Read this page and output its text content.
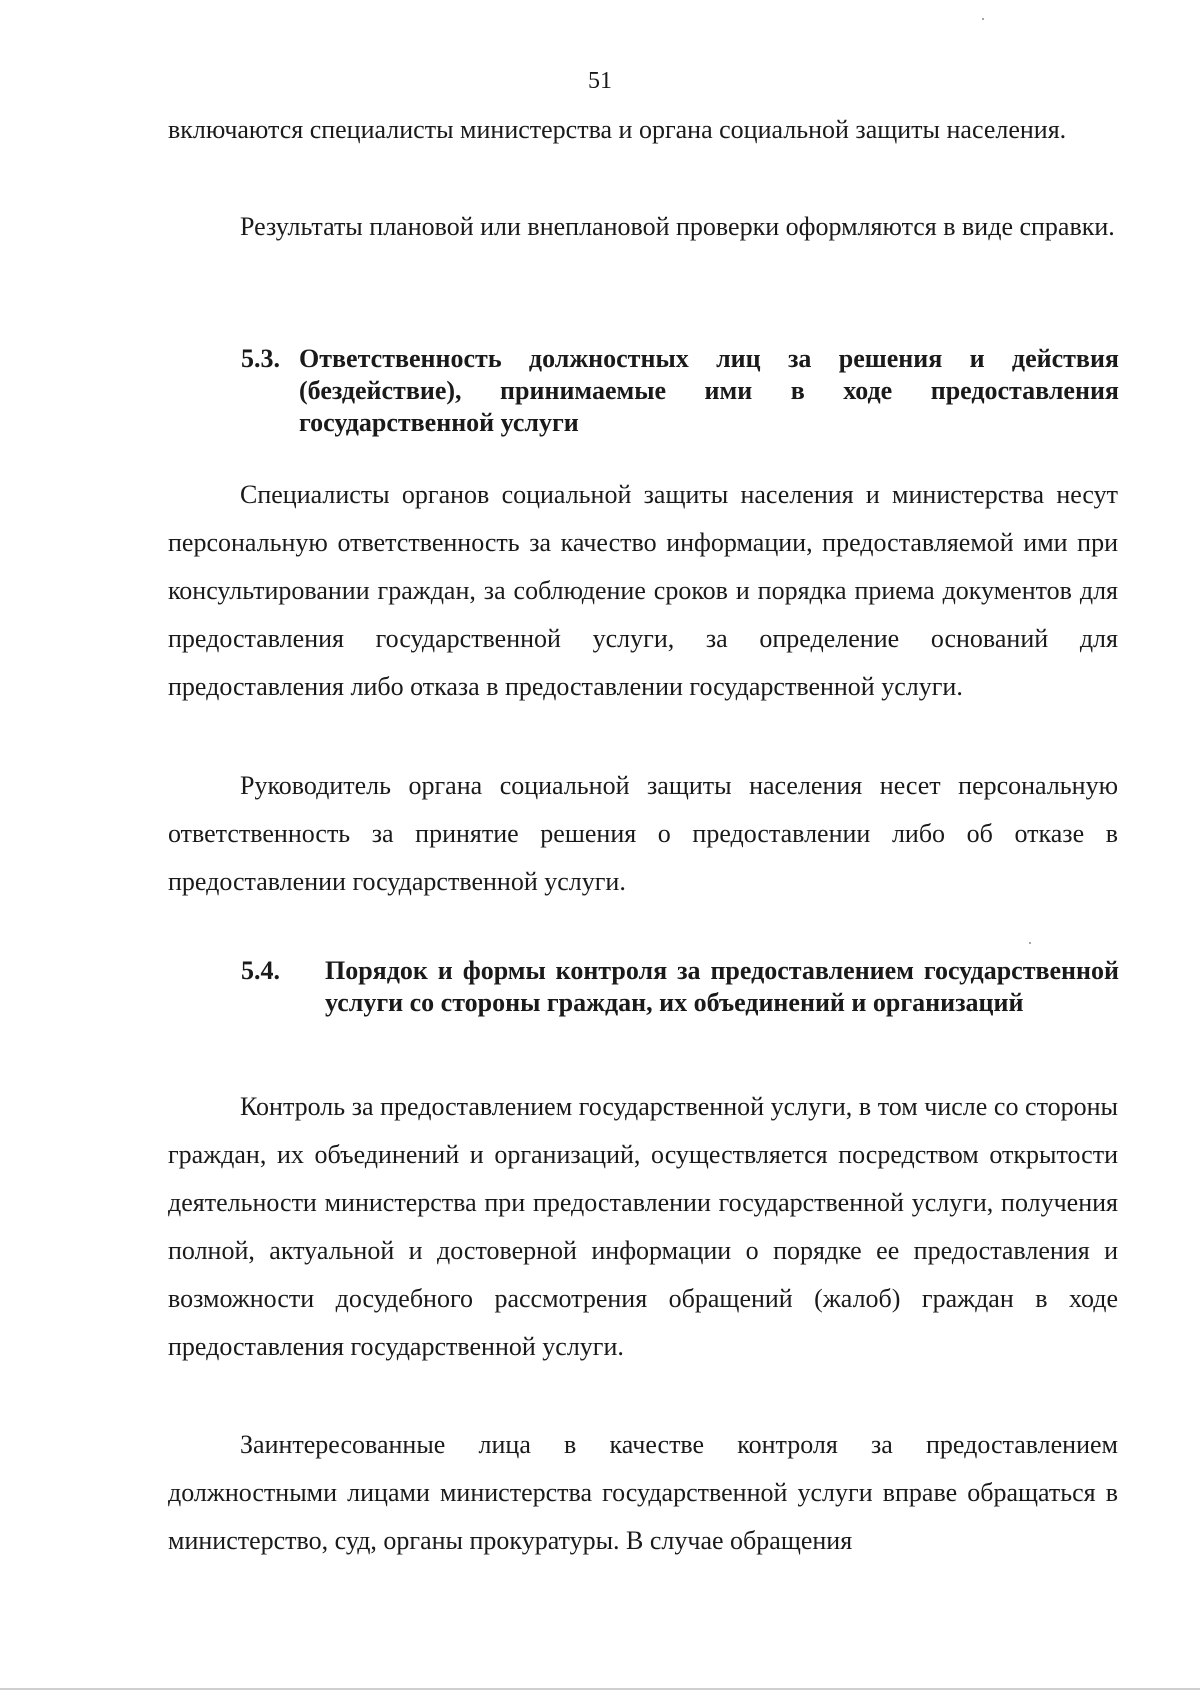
51

включаются специалисты министерства и органа социальной защиты населения.

Результаты плановой или внеплановой проверки оформляются в виде справки.

5.3. Ответственность должностных лиц за решения и действия (бездействие), принимаемые ими в ходе предоставления государственной услуги

Специалисты органов социальной защиты населения и министерства несут персональную ответственность за качество информации, предоставляемой ими при консультировании граждан, за соблюдение сроков и порядка приема документов для предоставления государственной услуги, за определение оснований для предоставления либо отказа в предоставлении государственной услуги.

Руководитель органа социальной защиты населения несет персональную ответственность за принятие решения о предоставлении либо об отказе в предоставлении государственной услуги.

5.4. Порядок и формы контроля за предоставлением государственной услуги со стороны граждан, их объединений и организаций

Контроль за предоставлением государственной услуги, в том числе со стороны граждан, их объединений и организаций, осуществляется посредством открытости деятельности министерства при предоставлении государственной услуги, получения полной, актуальной и достоверной информации о порядке ее предоставления и возможности досудебного рассмотрения обращений (жалоб) граждан в ходе предоставления государственной услуги.

Заинтересованные лица в качестве контроля за предоставлением должностными лицами министерства государственной услуги вправе обращаться в министерство, суд, органы прокуратуры. В случае обращения
